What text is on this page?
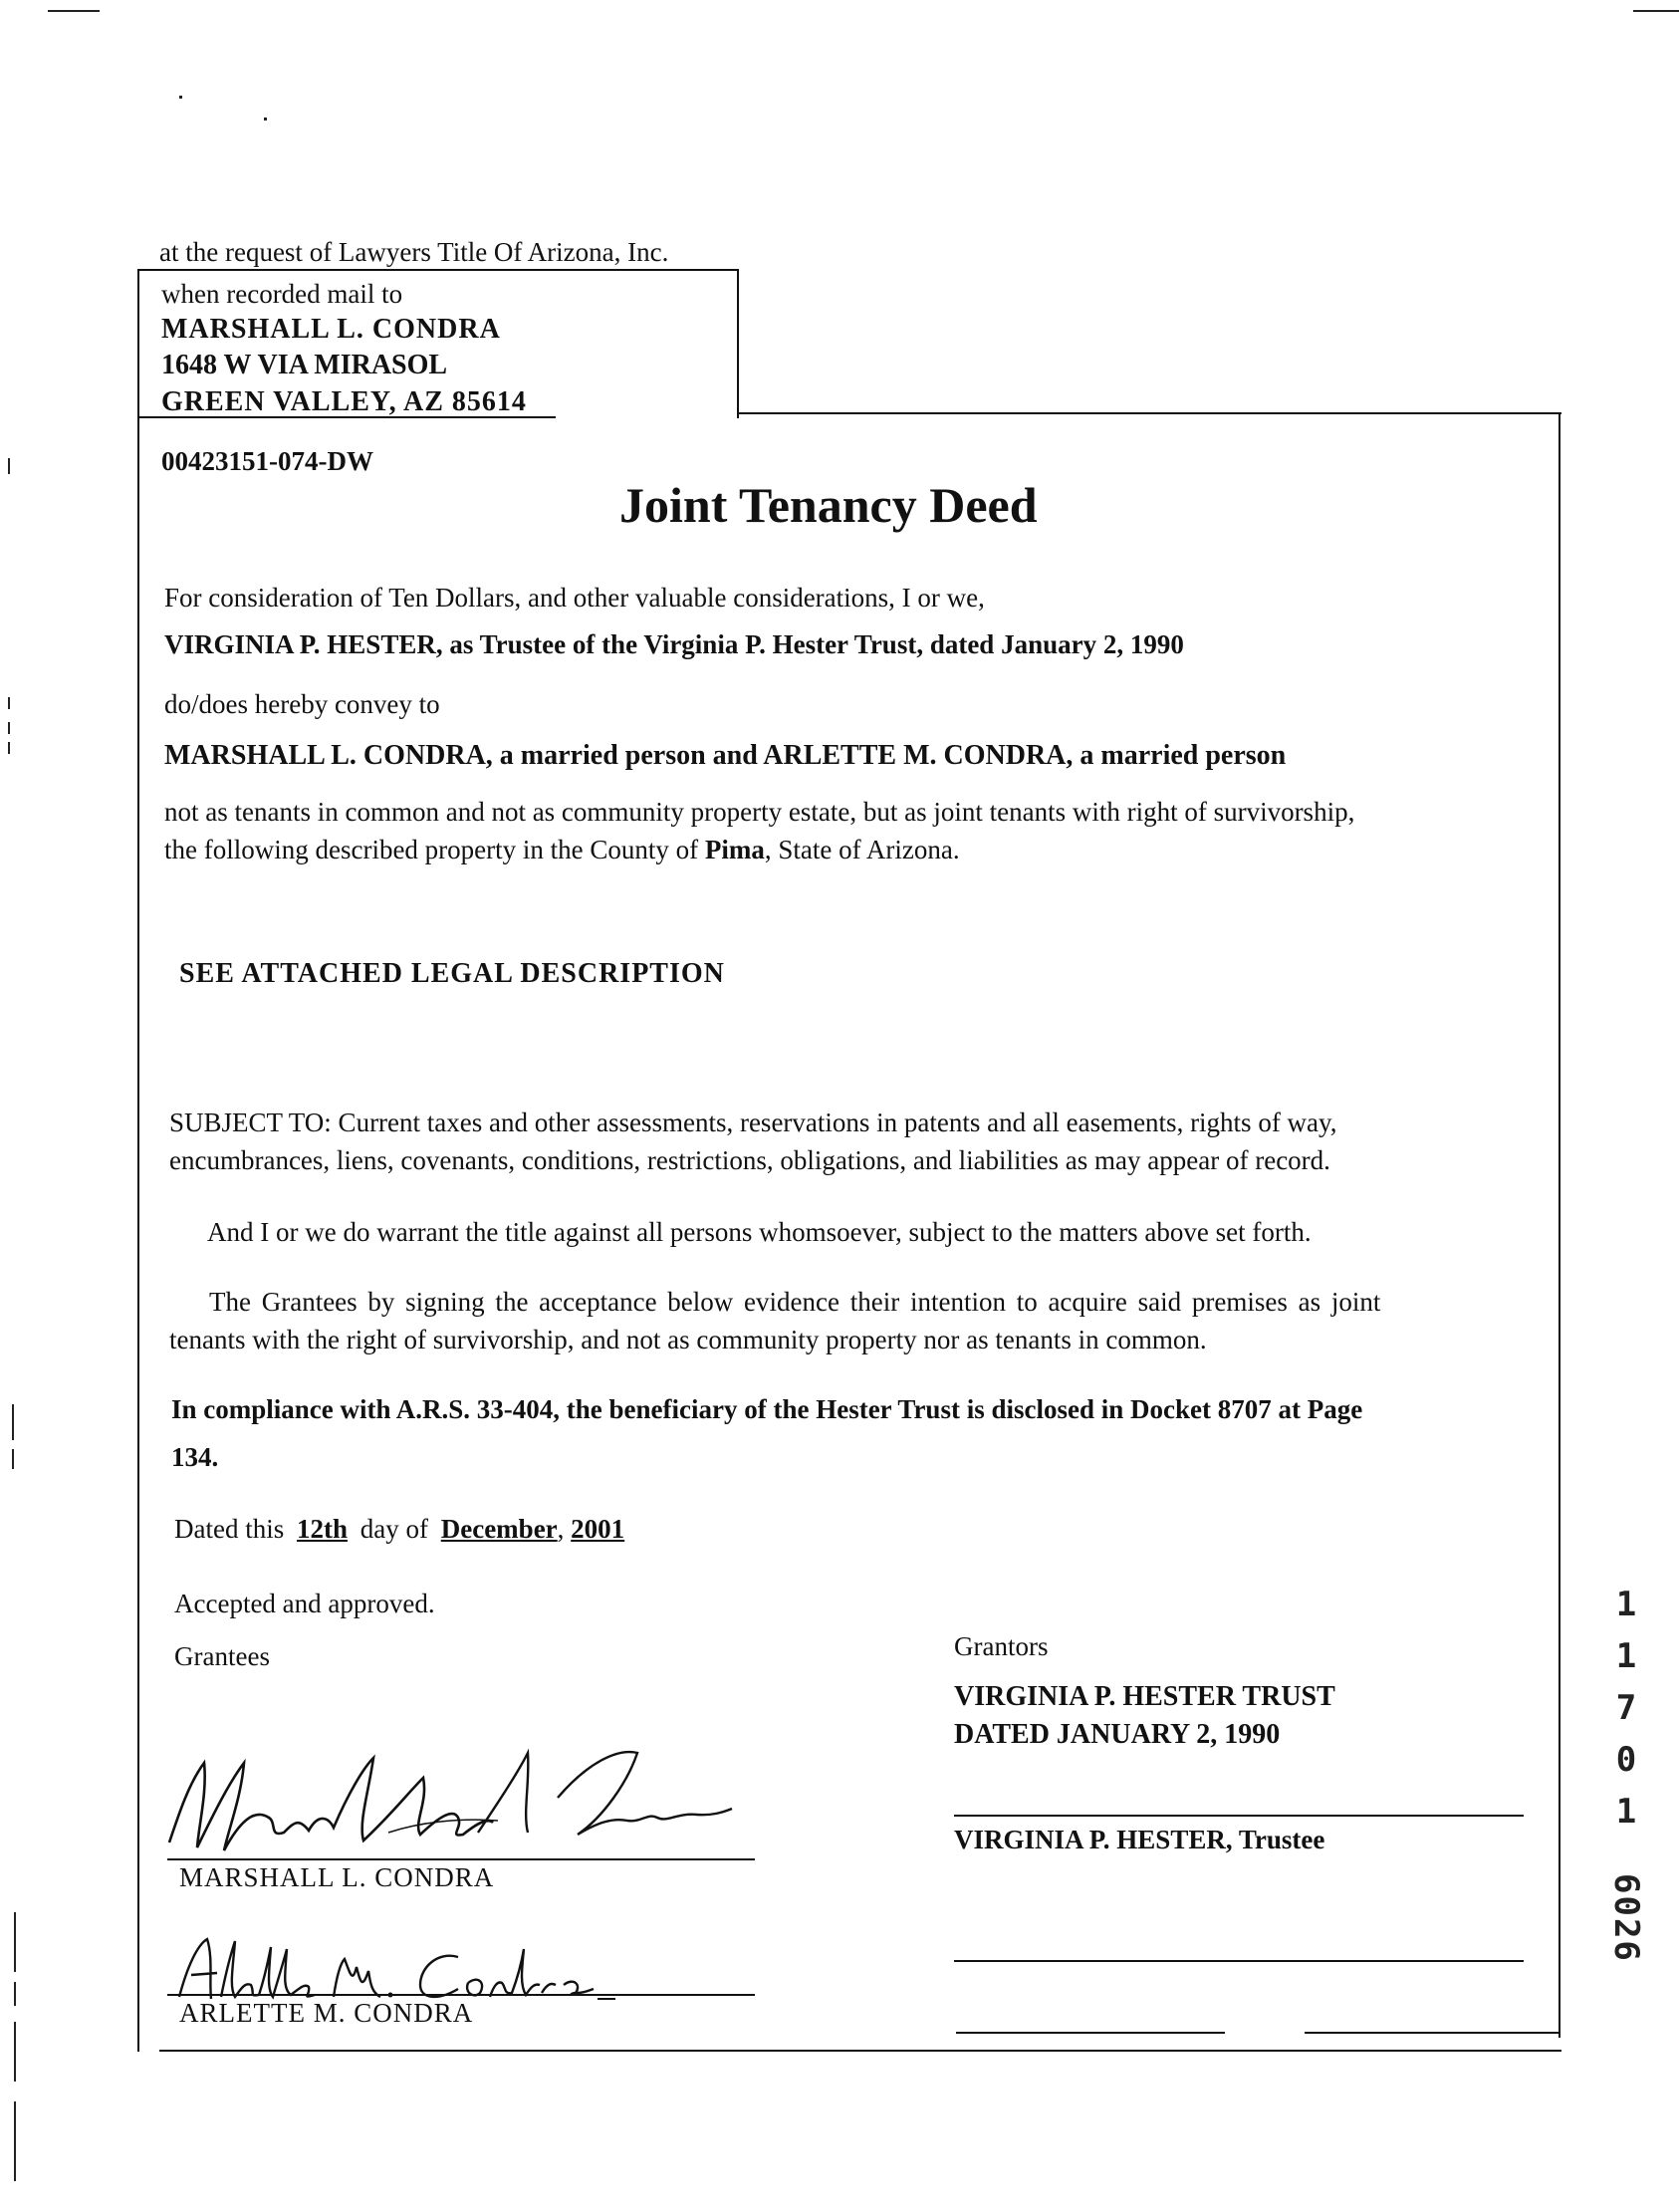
at the request of Lawyers Title Of Arizona, Inc.
when recorded mail to
MARSHALL L. CONDRA
1648 W VIA MIRASOL
GREEN VALLEY, AZ 85614
00423151-074-DW
Joint Tenancy Deed
For consideration of Ten Dollars, and other valuable considerations, I or we,
VIRGINIA P. HESTER, as Trustee of the Virginia P. Hester Trust, dated January 2, 1990
do/does hereby convey to
MARSHALL L. CONDRA, a married person and ARLETTE M. CONDRA, a married person
not as tenants in common and not as community property estate, but as joint tenants with right of survivorship,
the following described property in the County of Pima, State of Arizona.
SEE ATTACHED LEGAL DESCRIPTION
SUBJECT TO: Current taxes and other assessments, reservations in patents and all easements, rights of way,
encumbrances, liens, covenants, conditions, restrictions, obligations, and liabilities as may appear of record.
And I or we do warrant the title against all persons whomsoever, subject to the matters above set forth.
The Grantees by signing the acceptance below evidence their intention to acquire said premises as joint
tenants with the right of survivorship, and not as community property nor as tenants in common.
In compliance with A.R.S. 33-404, the beneficiary of the Hester Trust is disclosed in Docket 8707 at Page
134.
Dated this 12th day of December, 2001
Accepted and approved.
Grantees	Grantors
VIRGINIA P. HESTER TRUST
DATED JANUARY 2, 1990
MARSHALL L. CONDRA
ARLETTE M. CONDRA
VIRGINIA P. HESTER, Trustee
1
1
7
0
1
6026
